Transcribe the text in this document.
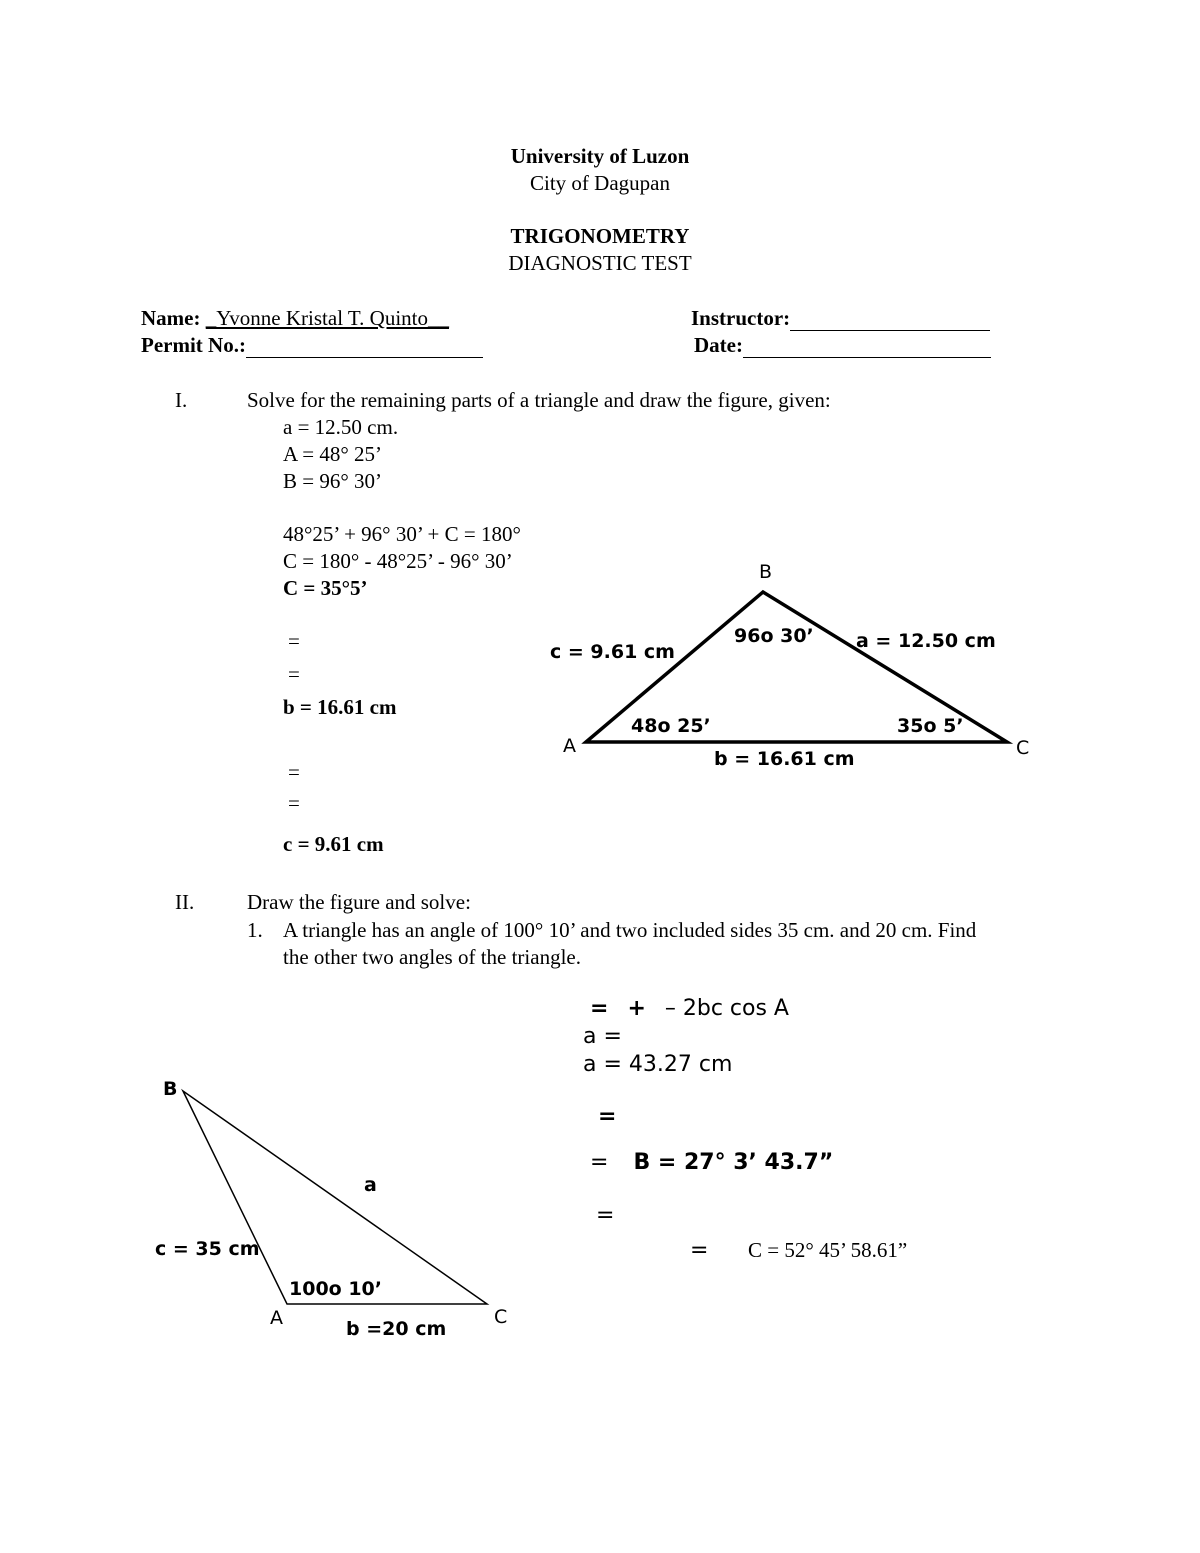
University of Luzon
City of Dagupan
TRIGONOMETRY
DIAGNOSTIC TEST
Name: _Yvonne Kristal T. Quinto__	Instructor:
Permit No.:	Date:
I.	Solve for the remaining parts of a triangle and draw the figure, given:
a = 12.50 cm.
A = 48° 25’
B = 96° 30’
48°25’ + 96° 30’ + C = 180°
C = 180° - 48°25’ - 96° 30’
C = 35°5’
=
=
b = 16.61 cm
=
=
c = 9.61 cm
B
A	C
96o 30’
48o 25’	35o 5’
c = 9.61 cm	a = 12.50 cm
b = 16.61 cm
II.	Draw the figure and solve:
1. A triangle has an angle of 100° 10’ and two included sides 35 cm. and 20 cm. Find
the other two angles of the triangle.
= + – 2bc cos A
a =
a = 43.27 cm
=
= B = 27° 3’ 43.7”
=
= C = 52° 45’ 58.61”
B
A	C
a
c = 35 cm
100o 10’
b =20 cm
